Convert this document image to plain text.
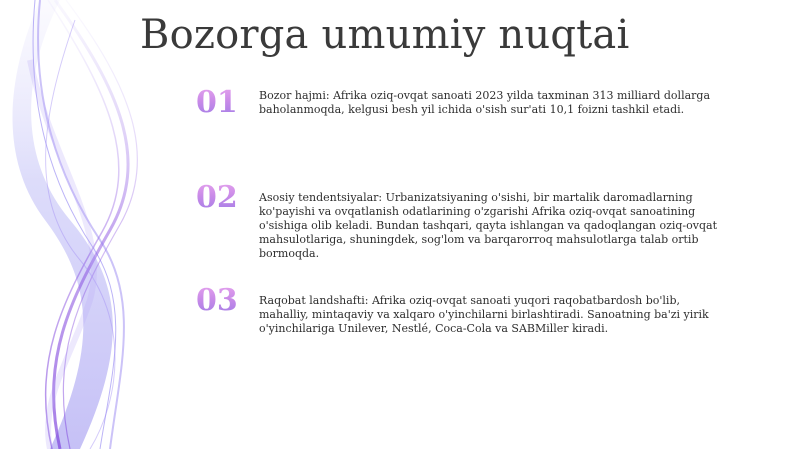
Bozorga umumiy nuqtai
01	Bozor hajmi: Afrika oziq-ovqat sanoati 2023 yilda taxminan 313 milliard dollarga baholanmoqda, kelgusi besh yil ichida o'sish sur'ati 10,1 foizni tashkil etadi.
02	Asosiy tendentsiyalar: Urbanizatsiyaning o'sishi, bir martalik daromadlarning ko'payishi va ovqatlanish odatlarining o'zgarishi Afrika oziq-ovqat sanoatining o'sishiga olib keladi. Bundan tashqari, qayta ishlangan va qadoqlangan oziq-ovqat mahsulotlariga, shuningdek, sog'lom va barqarorroq mahsulotlarga talab ortib bormoqda.
03	Raqobat landshafti: Afrika oziq-ovqat sanoati yuqori raqobatbardosh bo'lib, mahalliy, mintaqaviy va xalqaro o'yinchilarni birlashtiradi. Sanoatning ba'zi yirik o'yinchilariga Unilever, Nestlé, Coca-Cola va SABMiller kiradi.
